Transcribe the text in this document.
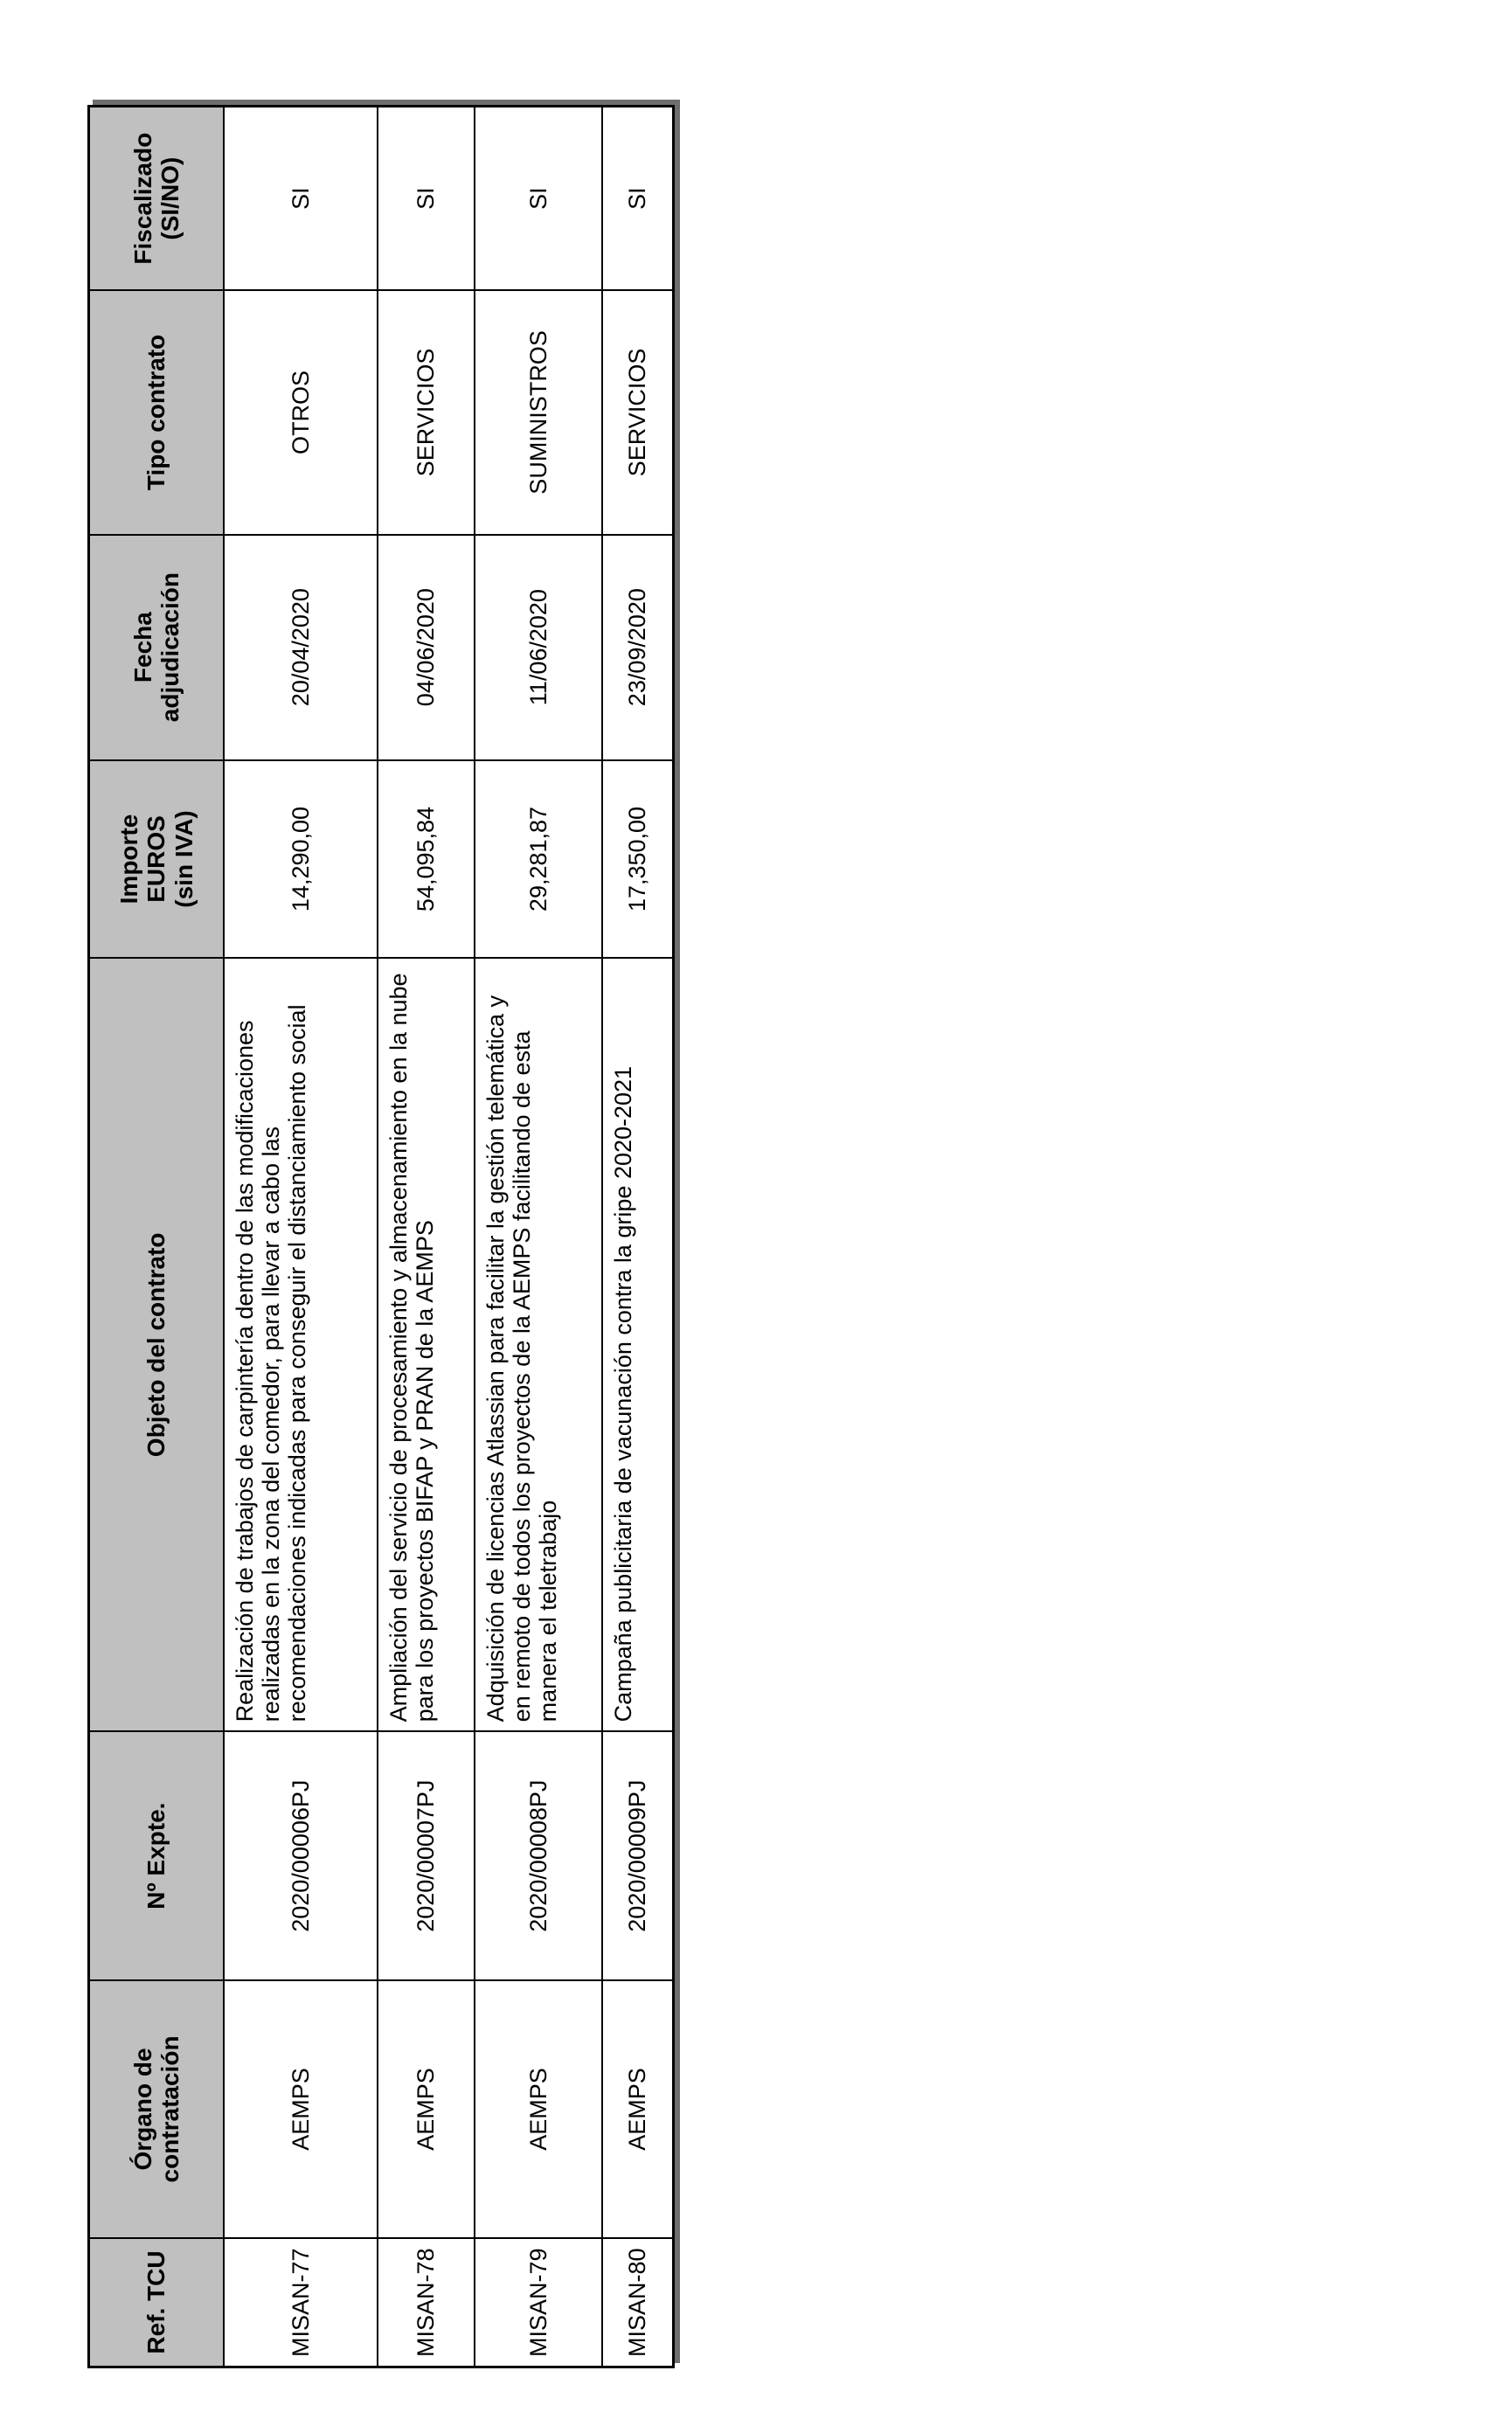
Ref. TCU	Órgano de contratación	Nº Expte.	Objeto del contrato	Importe EUROS (sin IVA)	Fecha adjudicación	Tipo contrato	Fiscalizado (SI/NO)

MISAN-77	AEMPS	2020/00006PJ	Realización de trabajos de carpintería dentro de las modificaciones realizadas en la zona del comedor, para llevar a cabo las recomendaciones indicadas para conseguir el distanciamiento social	14,290,00	20/04/2020	OTROS	SI
MISAN-78	AEMPS	2020/00007PJ	Ampliación del servicio de procesamiento y almacenamiento en la nube para los proyectos BIFAP y PRAN de la AEMPS	54,095,84	04/06/2020	SERVICIOS	SI
MISAN-79	AEMPS	2020/00008PJ	Adquisición de licencias Atlassian para facilitar la gestión telemática y en remoto de todos los proyectos de la AEMPS facilitando de esta manera el teletrabajo	29,281,87	11/06/2020	SUMINISTROS	SI
MISAN-80	AEMPS	2020/00009PJ	Campaña publicitaria de vacunación contra la gripe 2020-2021	17,350,00	23/09/2020	SERVICIOS	SI
